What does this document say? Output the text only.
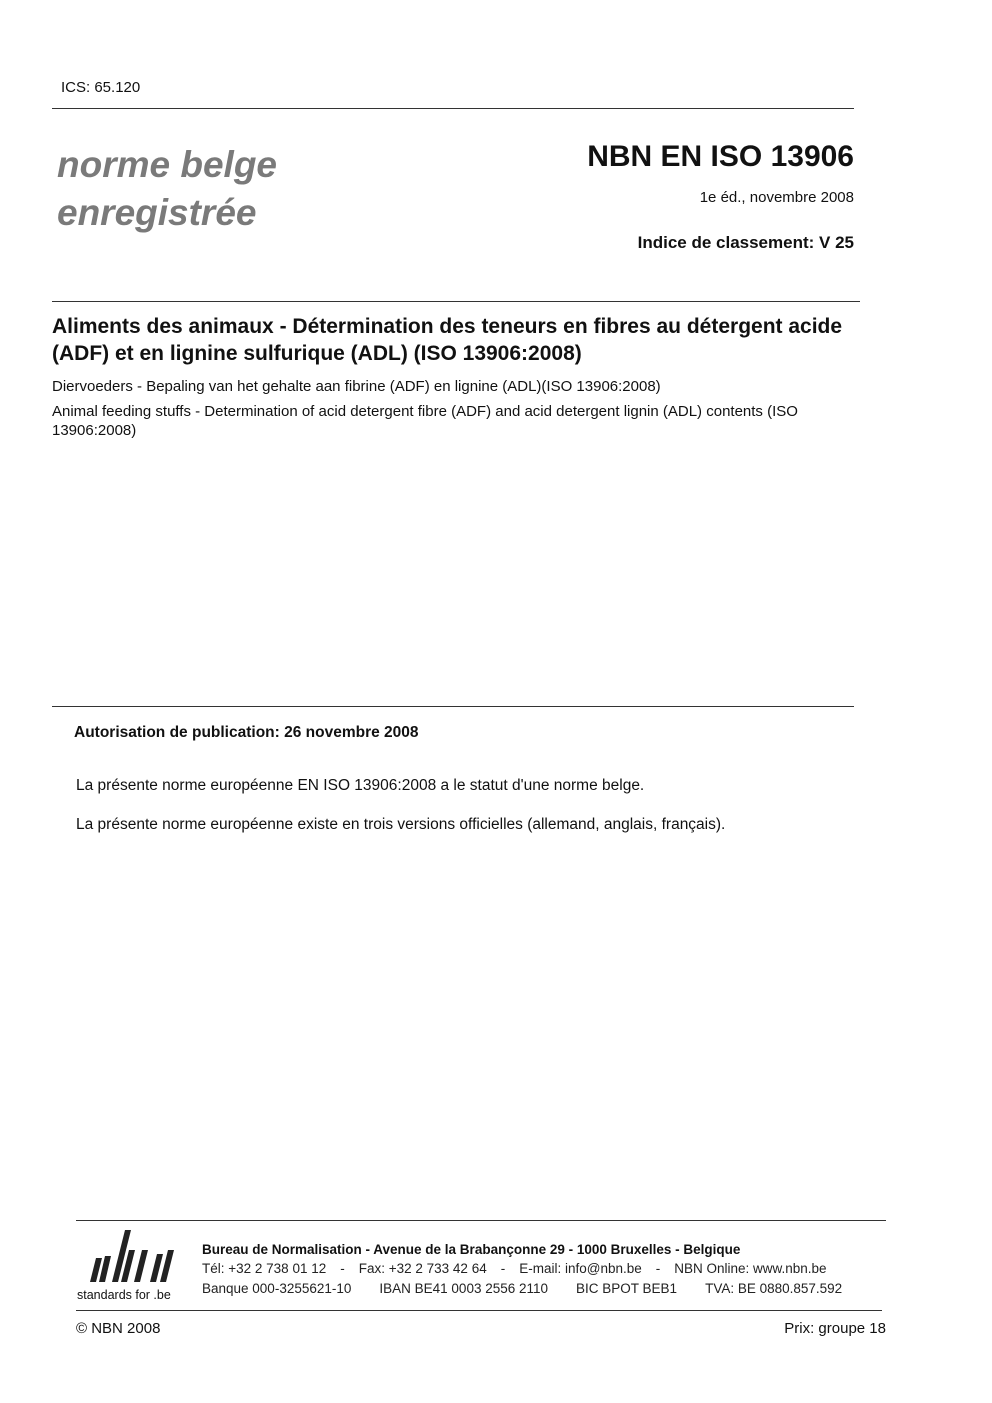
ICS: 65.120
norme belge
enregistrée
NBN EN ISO 13906
1e éd., novembre 2008
Indice de classement: V 25
Aliments des animaux - Détermination des teneurs en fibres au détergent acide (ADF) et en lignine sulfurique (ADL) (ISO 13906:2008)
Diervoeders - Bepaling van het gehalte aan fibrine (ADF) en lignine (ADL)(ISO 13906:2008)
Animal feeding stuffs - Determination of acid detergent fibre (ADF) and acid detergent lignin (ADL) contents (ISO 13906:2008)
Autorisation de publication: 26 novembre 2008
La présente norme européenne EN ISO 13906:2008 a le statut d'une norme belge.
La présente norme européenne existe en trois versions officielles (allemand, anglais, français).
nbn
standards for .be
Bureau de Normalisation - Avenue de la Brabançonne 29 - 1000 Bruxelles - Belgique
Tél: +32 2 738 01 12 - Fax: +32 2 733 42 64 - E-mail: info@nbn.be - NBN Online: www.nbn.be
Banque 000-3255621-10 IBAN BE41 0003 2556 2110 BIC BPOT BEB1 TVA: BE 0880.857.592
© NBN 2008	Prix: groupe 18
